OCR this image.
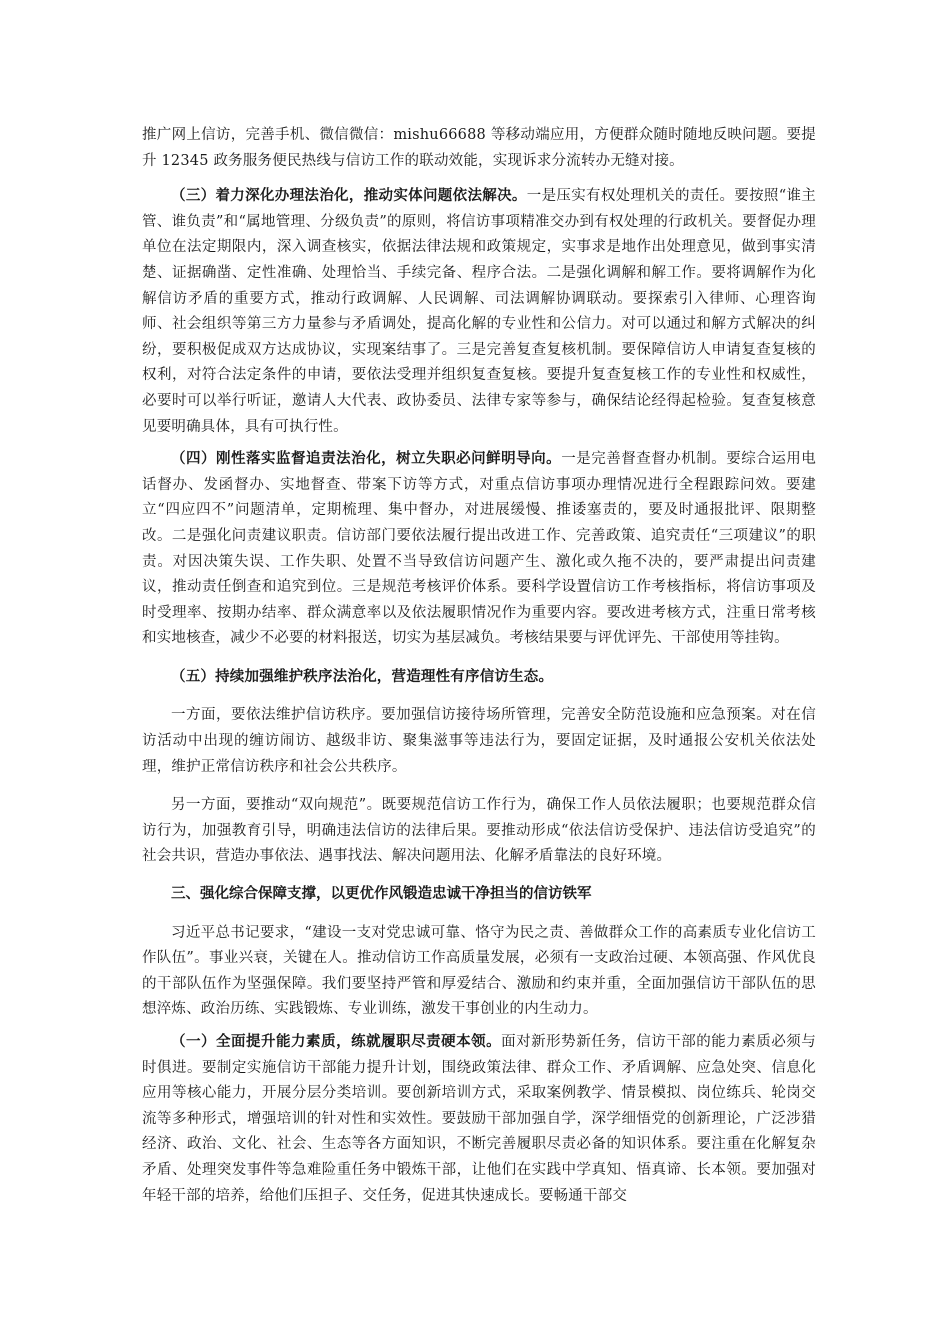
推广网上信访，完善手机、微信微信：mishu66688 等移动端应用，方便群众随时随地反映问题。要提升 12345 政务服务便民热线与信访工作的联动效能，实现诉求分流转办无缝对接。

（三）着力深化办理法治化，推动实体问题依法解决。一是压实有权处理机关的责任。要按照“谁主管、谁负责”和“属地管理、分级负责”的原则，将信访事项精准交办到有权处理的行政机关。要督促办理单位在法定期限内，深入调查核实，依据法律法规和政策规定，实事求是地作出处理意见，做到事实清楚、证据确凿、定性准确、处理恰当、手续完备、程序合法。二是强化调解和解工作。要将调解作为化解信访矛盾的重要方式，推动行政调解、人民调解、司法调解协调联动。要探索引入律师、心理咨询师、社会组织等第三方力量参与矛盾调处，提高化解的专业性和公信力。对可以通过和解方式解决的纠纷，要积极促成双方达成协议，实现案结事了。三是完善复查复核机制。要保障信访人申请复查复核的权利，对符合法定条件的申请，要依法受理并组织复查复核。要提升复查复核工作的专业性和权威性，必要时可以举行听证，邀请人大代表、政协委员、法律专家等参与，确保结论经得起检验。复查复核意见要明确具体，具有可执行性。

（四）刚性落实监督追责法治化，树立失职必问鲜明导向。一是完善督查督办机制。要综合运用电话督办、发函督办、实地督查、带案下访等方式，对重点信访事项办理情况进行全程跟踪问效。要建立“四应四不”问题清单，定期梳理、集中督办，对进展缓慢、推诿塞责的，要及时通报批评、限期整改。二是强化问责建议职责。信访部门要依法履行提出改进工作、完善政策、追究责任“三项建议”的职责。对因决策失误、工作失职、处置不当导致信访问题产生、激化或久拖不决的，要严肃提出问责建议，推动责任倒查和追究到位。三是规范考核评价体系。要科学设置信访工作考核指标，将信访事项及时受理率、按期办结率、群众满意率以及依法履职情况作为重要内容。要改进考核方式，注重日常考核和实地核查，减少不必要的材料报送，切实为基层减负。考核结果要与评优评先、干部使用等挂钩。

（五）持续加强维护秩序法治化，营造理性有序信访生态。

一方面，要依法维护信访秩序。要加强信访接待场所管理，完善安全防范设施和应急预案。对在信访活动中出现的缠访闹访、越级非访、聚集滋事等违法行为，要固定证据，及时通报公安机关依法处理，维护正常信访秩序和社会公共秩序。

另一方面，要推动“双向规范”。既要规范信访工作行为，确保工作人员依法履职；也要规范群众信访行为，加强教育引导，明确违法信访的法律后果。要推动形成“依法信访受保护、违法信访受追究”的社会共识，营造办事依法、遇事找法、解决问题用法、化解矛盾靠法的良好环境。

三、强化综合保障支撑，以更优作风锻造忠诚干净担当的信访铁军

习近平总书记要求，“建设一支对党忠诚可靠、恪守为民之责、善做群众工作的高素质专业化信访工作队伍”。事业兴衰，关键在人。推动信访工作高质量发展，必须有一支政治过硬、本领高强、作风优良的干部队伍作为坚强保障。我们要坚持严管和厚爱结合、激励和约束并重，全面加强信访干部队伍的思想淬炼、政治历练、实践锻炼、专业训练，激发干事创业的内生动力。

（一）全面提升能力素质，练就履职尽责硬本领。面对新形势新任务，信访干部的能力素质必须与时俱进。要制定实施信访干部能力提升计划，围绕政策法律、群众工作、矛盾调解、应急处突、信息化应用等核心能力，开展分层分类培训。要创新培训方式，采取案例教学、情景模拟、岗位练兵、轮岗交流等多种形式，增强培训的针对性和实效性。要鼓励干部加强自学，深学细悟党的创新理论，广泛涉猎经济、政治、文化、社会、生态等各方面知识，不断完善履职尽责必备的知识体系。要注重在化解复杂矛盾、处理突发事件等急难险重任务中锻炼干部，让他们在实践中学真知、悟真谛、长本领。要加强对年轻干部的培养，给他们压担子、交任务，促进其快速成长。要畅通干部交
